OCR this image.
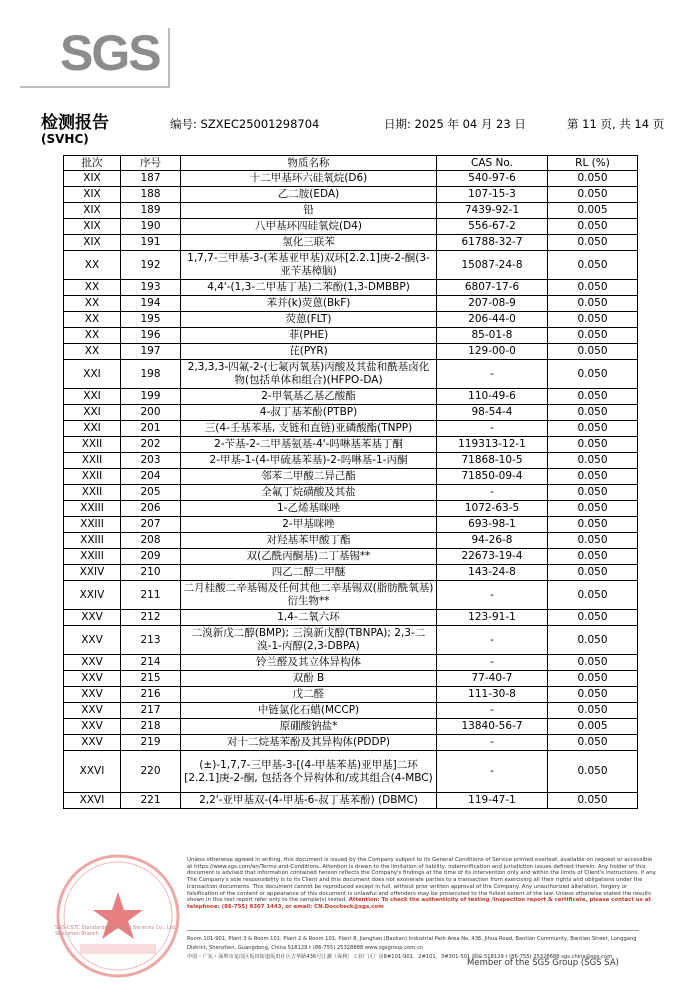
SGS
检测报告
(SVHC)
编号: SZXEC25001298704	日期: 2025 年 04 月 23 日	第 11 页, 共 14 页
批次	序号	物质名称	CAS No.	RL (%)
XIX	187	十二甲基环六硅氧烷(D6)	540-97-6	0.050
XIX	188	乙二胺(EDA)	107-15-3	0.050
XIX	189	铅	7439-92-1	0.005
XIX	190	八甲基环四硅氧烷(D4)	556-67-2	0.050
XIX	191	氢化三联苯	61788-32-7	0.050
XX	192	1,7,7-三甲基-3-(苯基亚甲基)双环[2.2.1]庚-2-酮(3-亚苄基樟脑)	15087-24-8	0.050
XX	193	4,4'-(1,3-二甲基丁基)二苯酚(1,3-DMBBP)	6807-17-6	0.050
XX	194	苯并(k)荧蒽(BkF)	207-08-9	0.050
XX	195	荧蒽(FLT)	206-44-0	0.050
XX	196	菲(PHE)	85-01-8	0.050
XX	197	芘(PYR)	129-00-0	0.050
XXI	198	2,3,3,3-四氟-2-(七氟丙氧基)丙酸及其盐和酰基卤化物(包括单体和组合)(HFPO-DA)	-	0.050
XXI	199	2-甲氧基乙基乙酸酯	110-49-6	0.050
XXI	200	4-叔丁基苯酚(PTBP)	98-54-4	0.050
XXI	201	三(4-壬基苯基, 支链和直链)亚磷酸酯(TNPP)	-	0.050
XXII	202	2-苄基-2-二甲基氨基-4'-吗啉基苯基丁酮	119313-12-1	0.050
XXII	203	2-甲基-1-(4-甲硫基苯基)-2-吗啉基-1-丙酮	71868-10-5	0.050
XXII	204	邻苯二甲酸二异己酯	71850-09-4	0.050
XXII	205	全氟丁烷磺酸及其盐	-	0.050
XXIII	206	1-乙烯基咪唑	1072-63-5	0.050
XXIII	207	2-甲基咪唑	693-98-1	0.050
XXIII	208	对羟基苯甲酸丁酯	94-26-8	0.050
XXIII	209	双(乙酰丙酮基)二丁基锡**	22673-19-4	0.050
XXIV	210	四乙二醇二甲醚	143-24-8	0.050
XXIV	211	二月桂酸二辛基锡及任何其他二辛基锡双(脂肪酰氧基)衍生物**	-	0.050
XXV	212	1,4-二氧六环	123-91-1	0.050
XXV	213	二溴新戊二醇(BMP); 三溴新戊醇(TBNPA); 2,3-二溴-1-丙醇(2,3-DBPA)	-	0.050
XXV	214	铃兰醛及其立体异构体	-	0.050
XXV	215	双酚 B	77-40-7	0.050
XXV	216	戊二醛	111-30-8	0.050
XXV	217	中链氯化石蜡(MCCP)	-	0.050
XXV	218	原硼酸钠盐*	13840-56-7	0.005
XXV	219	对十二烷基苯酚及其异构体(PDDP)	-	0.050
XXVI	220	(±)-1,7,7-三甲基-3-[(4-甲基苯基)亚甲基]二环[2.2.1]庚-2-酮, 包括各个异构体和/或其组合(4-MBC)	-	0.050
XXVI	221	2,2'-亚甲基双-(4-甲基-6-叔丁基苯酚) (DBMC)	119-47-1	0.050
SGS-CSTC Standards Technical Services Co., Ltd. Shenzhen Branch
Unless otherwise agreed in writing, this document is issued by the Company subject to its General Conditions of Service printed overleaf, available on request or accessible at https://www.sgs.com/en/Terms-and-Conditions. Attention is drawn to the limitation of liability, indemnification and jurisdiction issues defined therein. Any holder of this document is advised that information contained hereon reflects the Company's findings at the time of its intervention only and within the limits of Client's instructions, if any. The Company's sole responsibility is to its Client and this document does not exonerate parties to a transaction from exercising all their rights and obligations under the transaction documents. This document cannot be reproduced except in full, without prior written approval of the Company. Any unauthorized alteration, forgery or falsification of the content or appearance of this document is unlawful and offenders may be prosecuted to the fullest extent of the law. Unless otherwise stated the results shown in this test report refer only to the sample(s) tested. Attention: To check the authenticity of testing /inspection report & certificate, please contact us at telephone: (86-755) 8307 1443, or email: CN.Doccheck@sgs.com
Room 101-901, Plant 3 & Room 101, Plant 2 & Room 101, Plant 8, Jianghan (Baolian) Industrial Park Area No. 436, Jihua Road, Bantian Community, Bantian Street, Longgang District, Shenzhen, Guangdong, China 518129 t (86-755) 25328888 www.sgsgroup.com.cn
中国・广东・深圳市龙岗区坂田街道坂田社区吉华路436号江灏（保利）工业厂区厂房8#101-901，2#101，3#301-501 邮编:518129 t (86-755) 25328688 sgs.china@sgs.com
Member of the SGS Group (SGS SA)
